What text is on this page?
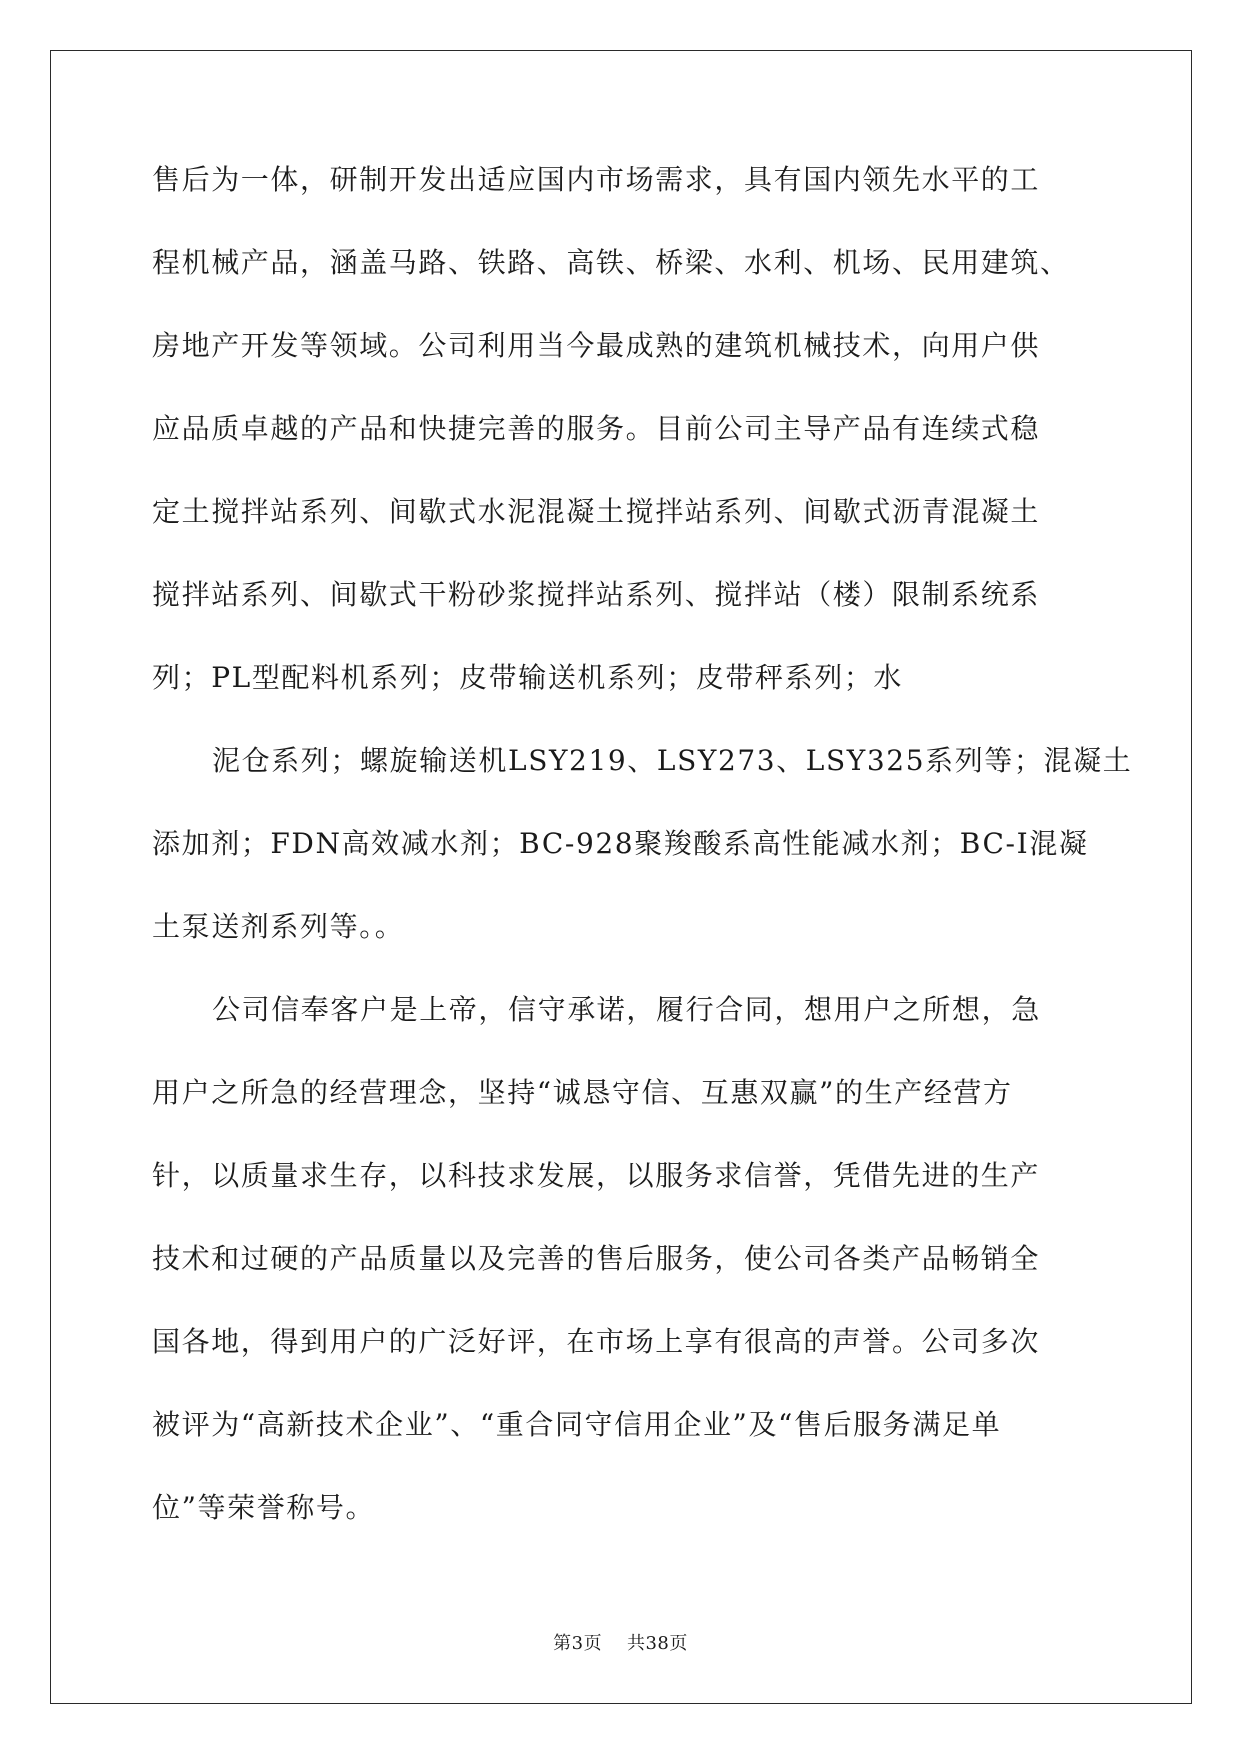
售后为一体，研制开发出适应国内市场需求，具有国内领先水平的工
程机械产品，涵盖马路、铁路、高铁、桥梁、水利、机场、民用建筑、
房地产开发等领域。公司利用当今最成熟的建筑机械技术，向用户供
应品质卓越的产品和快捷完善的服务。目前公司主导产品有连续式稳
定土搅拌站系列、间歇式水泥混凝土搅拌站系列、间歇式沥青混凝土
搅拌站系列、间歇式干粉砂浆搅拌站系列、搅拌站（楼）限制系统系
列；PL型配料机系列；皮带输送机系列；皮带秤系列；水
泥仓系列；螺旋输送机LSY219、LSY273、LSY325系列等；混凝土
添加剂；FDN高效减水剂；BC-928聚羧酸系高性能减水剂；BC-I混凝
土泵送剂系列等。。
公司信奉客户是上帝，信守承诺，履行合同，想用户之所想，急
用户之所急的经营理念，坚持“诚恳守信、互惠双赢”的生产经营方
针，以质量求生存，以科技求发展，以服务求信誉，凭借先进的生产
技术和过硬的产品质量以及完善的售后服务，使公司各类产品畅销全
国各地，得到用户的广泛好评，在市场上享有很高的声誉。公司多次
被评为“高新技术企业”、“重合同守信用企业”及“售后服务满足单
位”等荣誉称号。
第3页 共38页
